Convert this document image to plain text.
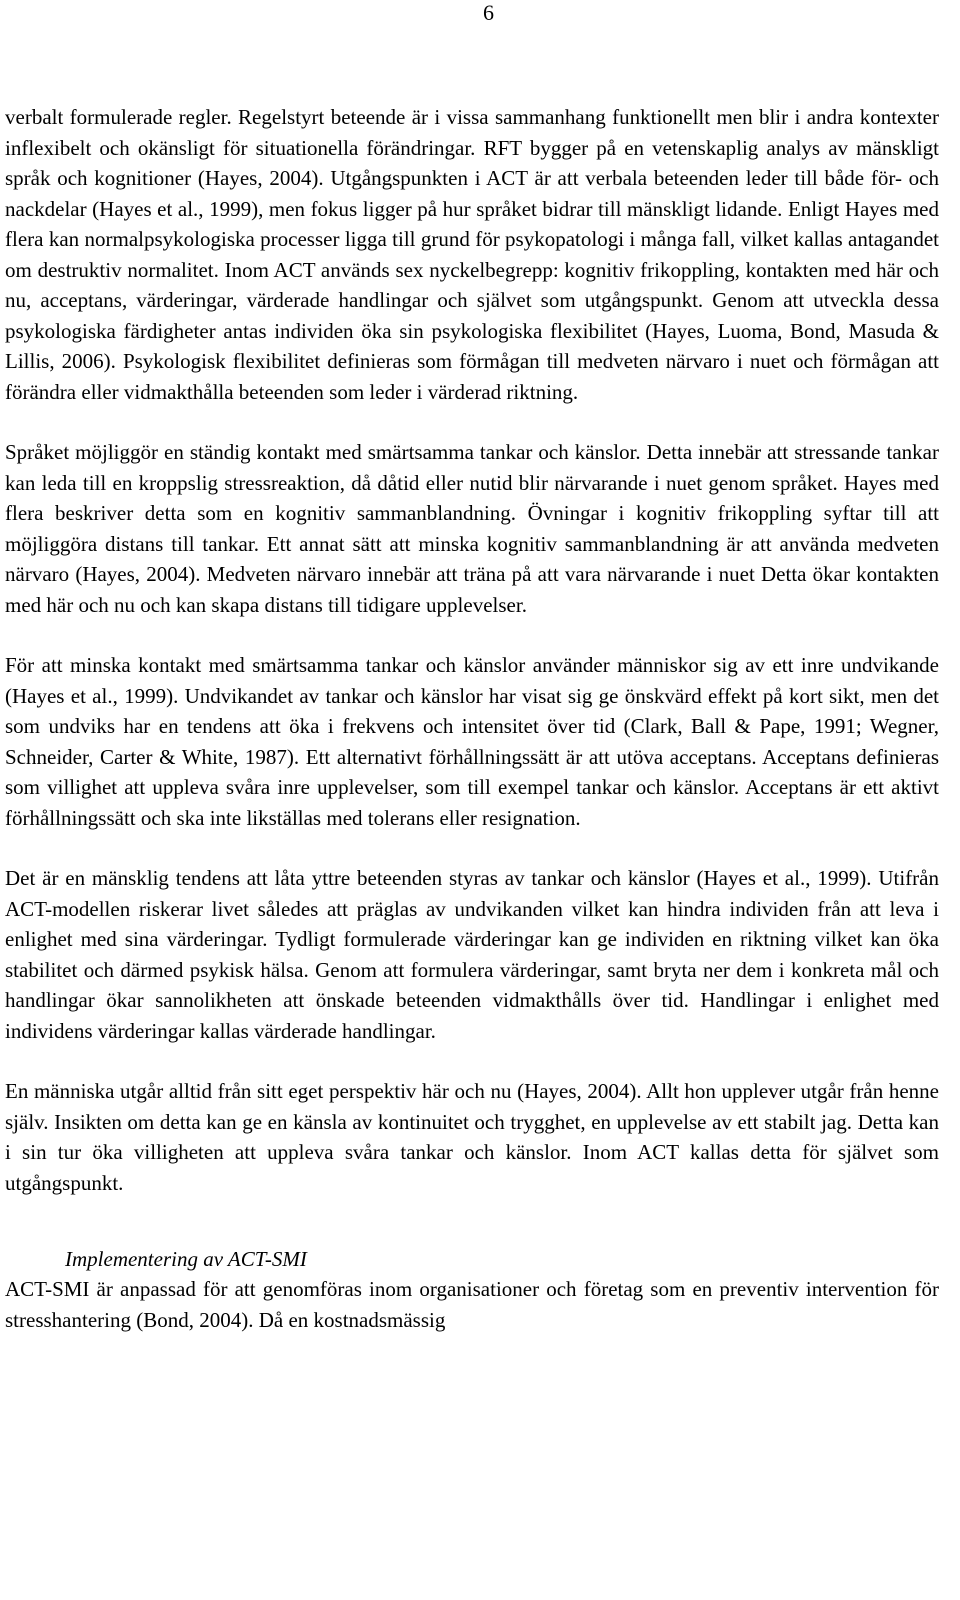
6

verbalt formulerade regler. Regelstyrt beteende är i vissa sammanhang funktionellt men blir i andra kontexter inflexibelt och okänsligt för situationella förändringar. RFT bygger på en vetenskaplig analys av mänskligt språk och kognitioner (Hayes, 2004). Utgångspunkten i ACT är att verbala beteenden leder till både för- och nackdelar (Hayes et al., 1999), men fokus ligger på hur språket bidrar till mänskligt lidande. Enligt Hayes med flera kan normalpsykologiska processer ligga till grund för psykopatologi i många fall, vilket kallas antagandet om destruktiv normalitet. Inom ACT används sex nyckelbegrepp: kognitiv frikoppling, kontakten med här och nu, acceptans, värderingar, värderade handlingar och självet som utgångspunkt. Genom att utveckla dessa psykologiska färdigheter antas individen öka sin psykologiska flexibilitet (Hayes, Luoma, Bond, Masuda & Lillis, 2006). Psykologisk flexibilitet definieras som förmågan till medveten närvaro i nuet och förmågan att förändra eller vidmakthålla beteenden som leder i värderad riktning.

Språket möjliggör en ständig kontakt med smärtsamma tankar och känslor. Detta innebär att stressande tankar kan leda till en kroppslig stressreaktion, då dåtid eller nutid blir närvarande i nuet genom språket. Hayes med flera beskriver detta som en kognitiv sammanblandning. Övningar i kognitiv frikoppling syftar till att möjliggöra distans till tankar. Ett annat sätt att minska kognitiv sammanblandning är att använda medveten närvaro (Hayes, 2004). Medveten närvaro innebär att träna på att vara närvarande i nuet Detta ökar kontakten med här och nu och kan skapa distans till tidigare upplevelser.

För att minska kontakt med smärtsamma tankar och känslor använder människor sig av ett inre undvikande (Hayes et al., 1999). Undvikandet av tankar och känslor har visat sig ge önskvärd effekt på kort sikt, men det som undviks har en tendens att öka i frekvens och intensitet över tid (Clark, Ball & Pape, 1991; Wegner, Schneider, Carter & White, 1987). Ett alternativt förhållningssätt är att utöva acceptans. Acceptans definieras som villighet att uppleva svåra inre upplevelser, som till exempel tankar och känslor. Acceptans är ett aktivt förhållningssätt och ska inte likställas med tolerans eller resignation.

Det är en mänsklig tendens att låta yttre beteenden styras av tankar och känslor (Hayes et al., 1999). Utifrån ACT-modellen riskerar livet således att präglas av undvikanden vilket kan hindra individen från att leva i enlighet med sina värderingar. Tydligt formulerade värderingar kan ge individen en riktning vilket kan öka stabilitet och därmed psykisk hälsa. Genom att formulera värderingar, samt bryta ner dem i konkreta mål och handlingar ökar sannolikheten att önskade beteenden vidmakthålls över tid. Handlingar i enlighet med individens värderingar kallas värderade handlingar.

En människa utgår alltid från sitt eget perspektiv här och nu (Hayes, 2004). Allt hon upplever utgår från henne själv. Insikten om detta kan ge en känsla av kontinuitet och trygghet, en upplevelse av ett stabilt jag. Detta kan i sin tur öka villigheten att uppleva svåra tankar och känslor. Inom ACT kallas detta för självet som utgångspunkt.

Implementering av ACT-SMI

ACT-SMI är anpassad för att genomföras inom organisationer och företag som en preventiv intervention för stresshantering (Bond, 2004). Då en kostnadsmässig
